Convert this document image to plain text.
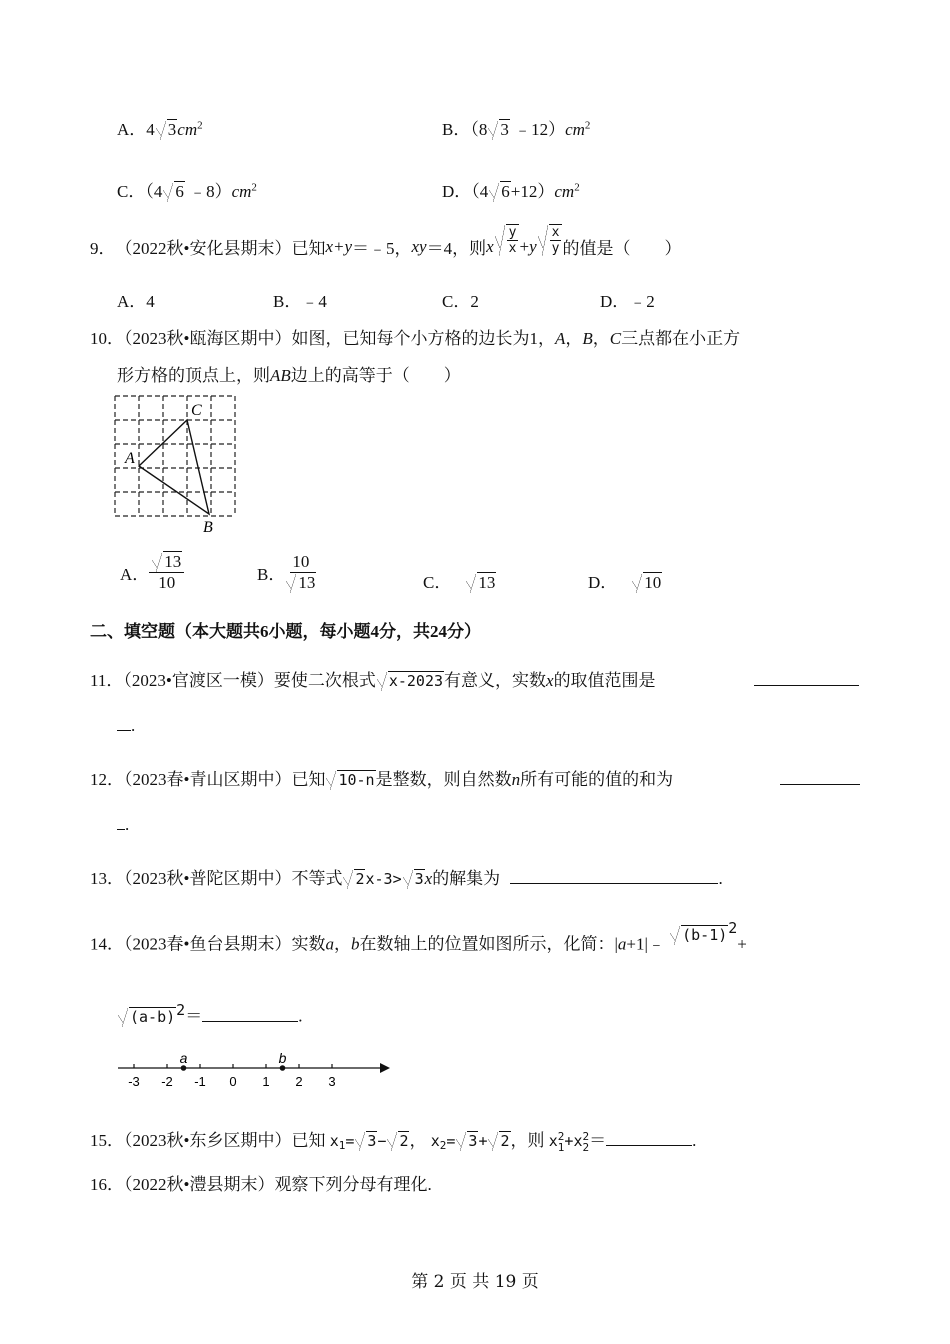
A．4 $3cm^2$	B．（8 3 $﹣12)cm^2$
C．（4 6 $﹣8)cm^2$	D．（4 $6+12)cm^2$
9． （2022秋•安化县期末）已知 x+y ＝﹣5， xy ＝4，则 x $\frac{y}{x} + y \frac{x}{y}$ 的值是（　　）
A．4	B．﹣4	C．2	D．﹣2
10．（2023秋•瓯海区期中）如图，已知每个小方格的边长为1，A，B，C三点都在小正方
形方格的顶点上，则AB边上的高等于（　　）
A
C
B
A． $\frac{13}{10}$	B． $\frac{10}{13}$	C． 13	D． 10
二、填空题（本大题共6小题，每小题4分，共24分）
11．（2023•官渡区一模）要使二次根式 x-2023有意义，实数x的取值范围是
.
12．（2023春•青山区期中）已知 10-n是整数，则自然数n所有可能的值的和为
.
13．（2023秋•普陀区期中）不等式 2x-3> 3x的解集为	.
14．（2023春•鱼台县期末）实数a，b在数轴上的位置如图所示，化简：|a+1|﹣ (b-1)2+
(a-b)2＝	.
-3 -2 -1 0 1 2 3
a	b
15．（2023秋•东乡区期中）已知 x1= 3− 2， x2= 3+ 2，则 x 2
1 +x 2
2 ＝	.
16．（2022秋•澧县期末）观察下列分母有理化.
第 2 页 共 19 页
